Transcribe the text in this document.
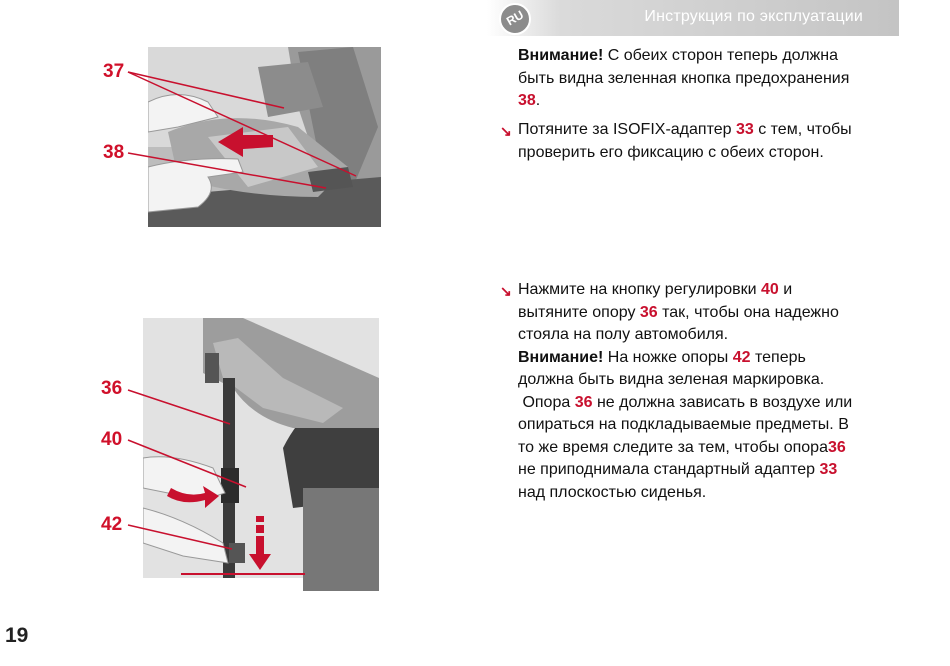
Инструкция по эксплуатации
RU
Внимание! С обеих сторон теперь должна
быть видна зеленная кнопка предохранения
38.
↘ Потяните за ISOFIX-адаптер 33 с тем, чтобы
проверить его фиксацию с обеих сторон.
↘ Нажмите на кнопку регулировки 40 и
вытяните опору 36 так, чтобы она надежно
стояла на полу автомобиля.
Внимание! На ножке опоры 42 теперь
должна быть видна зеленая маркировка.
Опора 36 не должна зависать в воздухе или
опираться на подкладываемые предметы. В
то же время следите за тем, чтобы опора36
не приподнимала стандартный адаптер 33
над плоскостью сиденья.
37
38
36
40
42
19
